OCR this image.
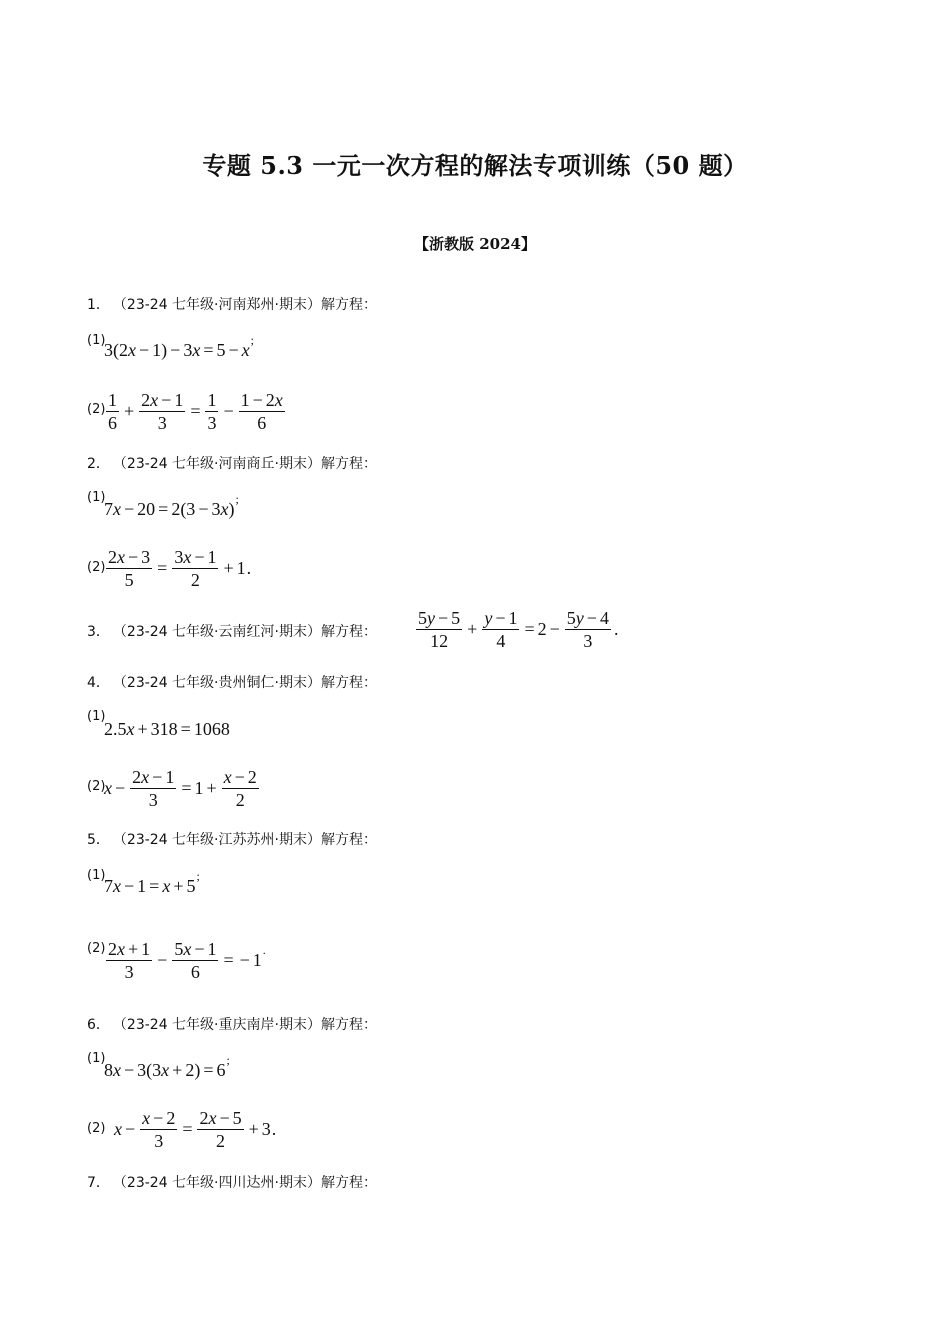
专题 5.3 一元一次方程的解法专项训练（50 题）
【浙教版 2024】
1． （23-24 七年级·河南郑州·期末）解方程：
(1)
3(2 x − 1) − 3 x = 5 − x ;
$(2) \frac{1}{6} + \frac{2x - 1}{3} = \frac{1}{3} - \frac{1 - 2x}{6}$
2． （23-24 七年级·河南商丘·期末）解方程：
(1)
7 x − 20 = 2(3 − 3 x ) ;
$(2) \frac{2x - 3}{5} = \frac{3x - 1}{2} + 1$ .
3． （23-24 七年级·云南红河·期末）解方程： $\frac{5y - 5}{12} + \frac{y - 1}{4} = 2 - \frac{5y - 4}{3}$ .
4． （23-24 七年级·贵州铜仁·期末）解方程：
(1)
2.5 x + 318 = 1068
(2)
$x - \frac{2x - 1}{3} = 1 + \frac{x - 2}{2}$
5． （23-24 七年级·江苏苏州·期末）解方程：
(1)
7 x − 1 = x + 5 ;
$(2) \frac{2x + 1}{3} - \frac{5x - 1}{6}$ = − 1 .
6． （23-24 七年级·重庆南岸·期末）解方程：
(1)
8 x − 3(3 x + 2) = 6 ;
(2) $x - \frac{x - 2}{3} = \frac{2x - 5}{2} + 3$ .
7． （23-24 七年级·四川达州·期末）解方程：
